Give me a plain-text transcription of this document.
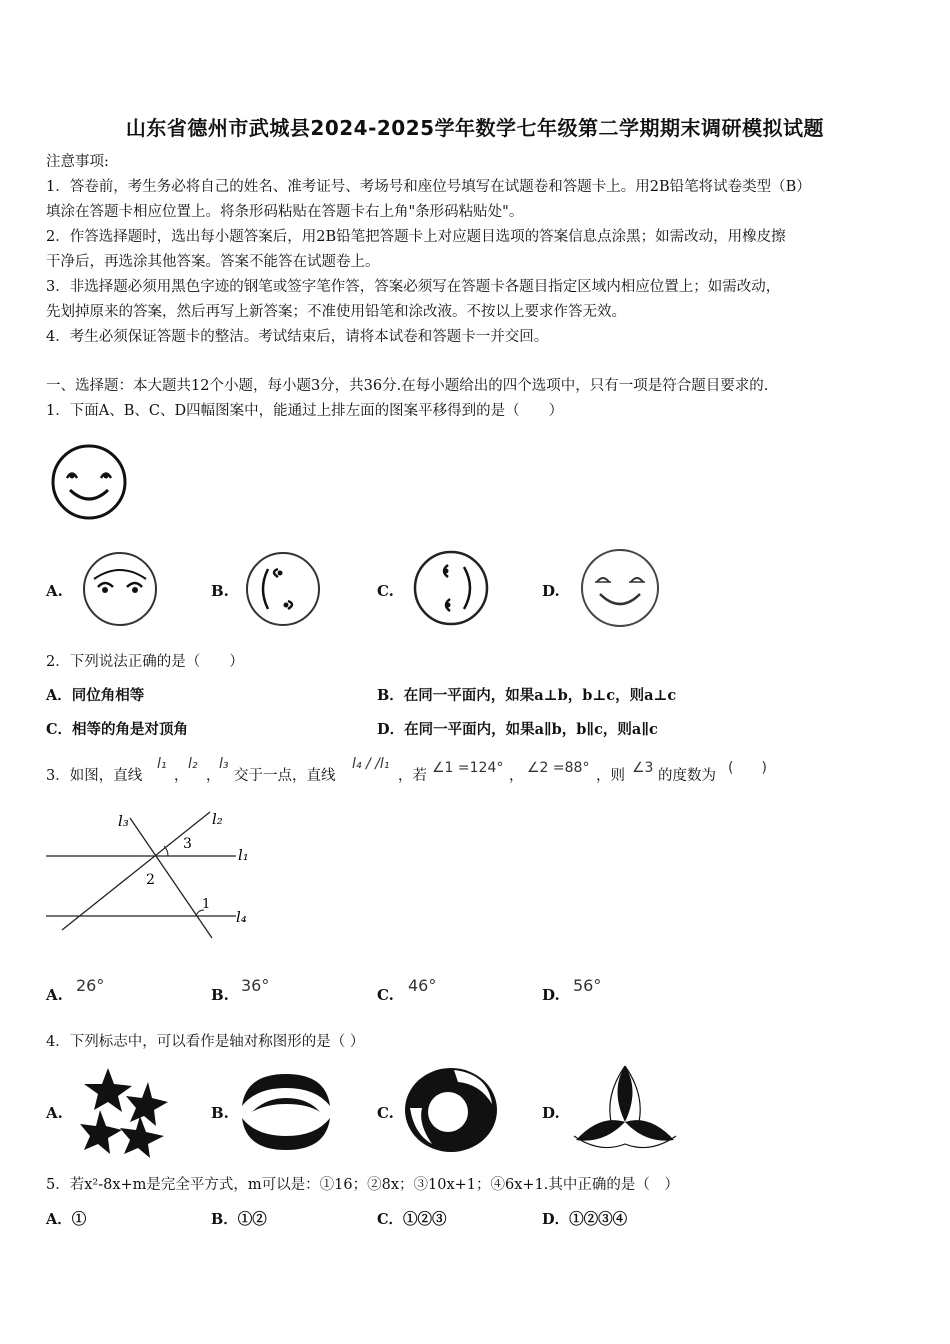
山东省德州市武城县2024-2025学年数学七年级第二学期期末调研模拟试题
注意事项:
1．答卷前，考生务必将自己的姓名、准考证号、考场号和座位号填写在试题卷和答题卡上。用2B铅笔将试卷类型（B）
填涂在答题卡相应位置上。将条形码粘贴在答题卡右上角"条形码粘贴处"。
2．作答选择题时，选出每小题答案后，用2B铅笔把答题卡上对应题目选项的答案信息点涂黑；如需改动，用橡皮擦
干净后，再选涂其他答案。答案不能答在试题卷上。
3．非选择题必须用黑色字迹的钢笔或签字笔作答，答案必须写在答题卡各题目指定区域内相应位置上；如需改动，
先划掉原来的答案，然后再写上新答案；不准使用铅笔和涂改液。不按以上要求作答无效。
4．考生必须保证答题卡的整洁。考试结束后，请将本试卷和答题卡一并交回。
一、选择题：本大题共12个小题，每小题3分，共36分.在每小题给出的四个选项中，只有一项是符合题目要求的.
1．下面A、B、C、D四幅图案中，能通过上排左面的图案平移得到的是（　　）
A.	B.	C.	D.
2．下列说法正确的是（　　）
A．同位角相等	B．在同一平面内，如果a⊥b，b⊥c，则a⊥c
C．相等的角是对顶角	D．在同一平面内，如果a∥b，b∥c，则a∥c
3．如图，直线
l₁
，
l₂
，
l₃
交于一点，直线
l₄ / /l₁
，若 ∠1 =124° ， ∠2 =88° ，则 ∠3 的度数为 (　　)
l₃	l₂
l₁
l₄
1
2
3
A. 26°	B. 36°	C. 46°	D. 56°
4．下列标志中，可以看作是轴对称图形的是（ ）
A.	B.	C.	D.
5．若x²-8x+m是完全平方式，m可以是：①16；②8x；③10x+1；④6x+1.其中正确的是（　）
A．①	B．①②	C．①②③	D．①②③④
